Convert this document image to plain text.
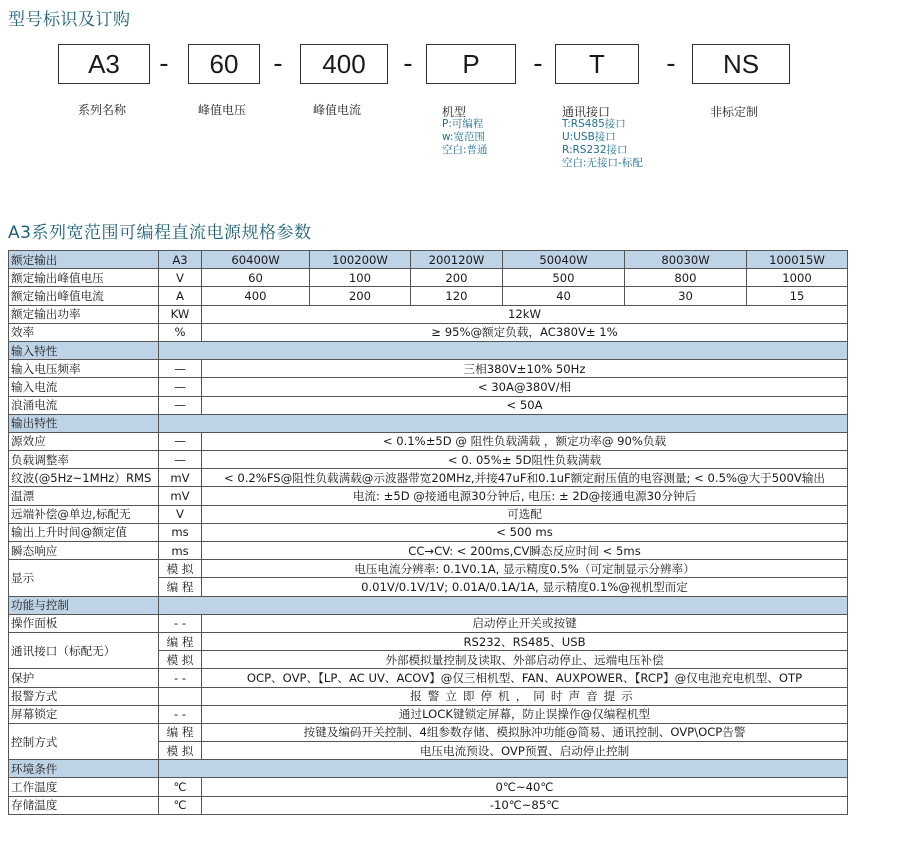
型号标识及订购
A3	-	60	-	400	-	P	-	T	-	NS
系列名称	峰值电压	峰值电流	机型
P:可编程
w:宽范围
空白:普通
通讯接口
T:RS485接口
U:USB接口
R:RS232接口
空白:无接口-标配
非标定制
A3系列宽范围可编程直流电源规格参数
额定输出	A3	60400W	100200W	200120W	50040W	80030W	100015W
额定输出峰值电压	V	60	100	200	500	800	1000
额定输出峰值电流	A	400	200	120	40	30	15
额定输出功率	KW	12kW					
效率	%	≥ 95%@额定负载，AC380V± 1%					
输入特性							
输入电压频率	—	三相380V±10% 50Hz					
输入电流	—	< 30A@380V/相					
浪涌电流	—	< 50A					
输出特性							
源效应	—	< 0.1%±5D @ 阻性负载满载 ，额定功率@ 90%负载					
负载调整率	—	< 0. 05%± 5D阻性负载满载					
纹波(@5Hz~1MHz）RMS	mV	< 0.2%FS@阻性负载满载@示波器带宽20MHz,并接47uF和0.1uF额定耐压值的电容测量; < 0.5%@大于500V输出					
温漂	mV	电流: ±5D @接通电源30分钟后, 电压: ± 2D@接通电源30分钟后					
远端补偿@单边,标配无	V	可选配					
输出上升时间@额定值	ms	< 500 ms					
瞬态响应	ms	CC→CV: < 200ms,CV瞬态反应时间 < 5ms					
显示	模 拟	电压电流分辨率: 0.1V0.1A, 显示精度0.5%（可定制显示分辨率）					
	编 程	0.01V/0.1V/1V; 0.01A/0.1A/1A, 显示精度0.1%@视机型而定					
功能与控制							
操作面板	- -	启动停止开关或按键					
通讯接口（标配无）	编 程	RS232、RS485、USB					
	模 拟	外部模拟量控制及读取、外部启动停止、远端电压补偿					
保护	- -	OCP、OVP、【LP、AC UV、ACOV】@仅三相机型、FAN、AUXPOWER、【RCP】@仅电池充电机型、OTP					
报警方式		报警立即停机，同时声音提示					
屏幕锁定	- -	通过LOCK键锁定屏幕，防止误操作@仅编程机型					
控制方式	编 程	按键及编码开关控制、4组参数存储、模拟脉冲功能@简易、通讯控制、OVP\OCP告警					
	模 拟	电压电流预设、OVP预置、启动停止控制					
环境条件							
工作温度	℃	0℃~40℃					
存储温度	℃	-10℃~85℃					
